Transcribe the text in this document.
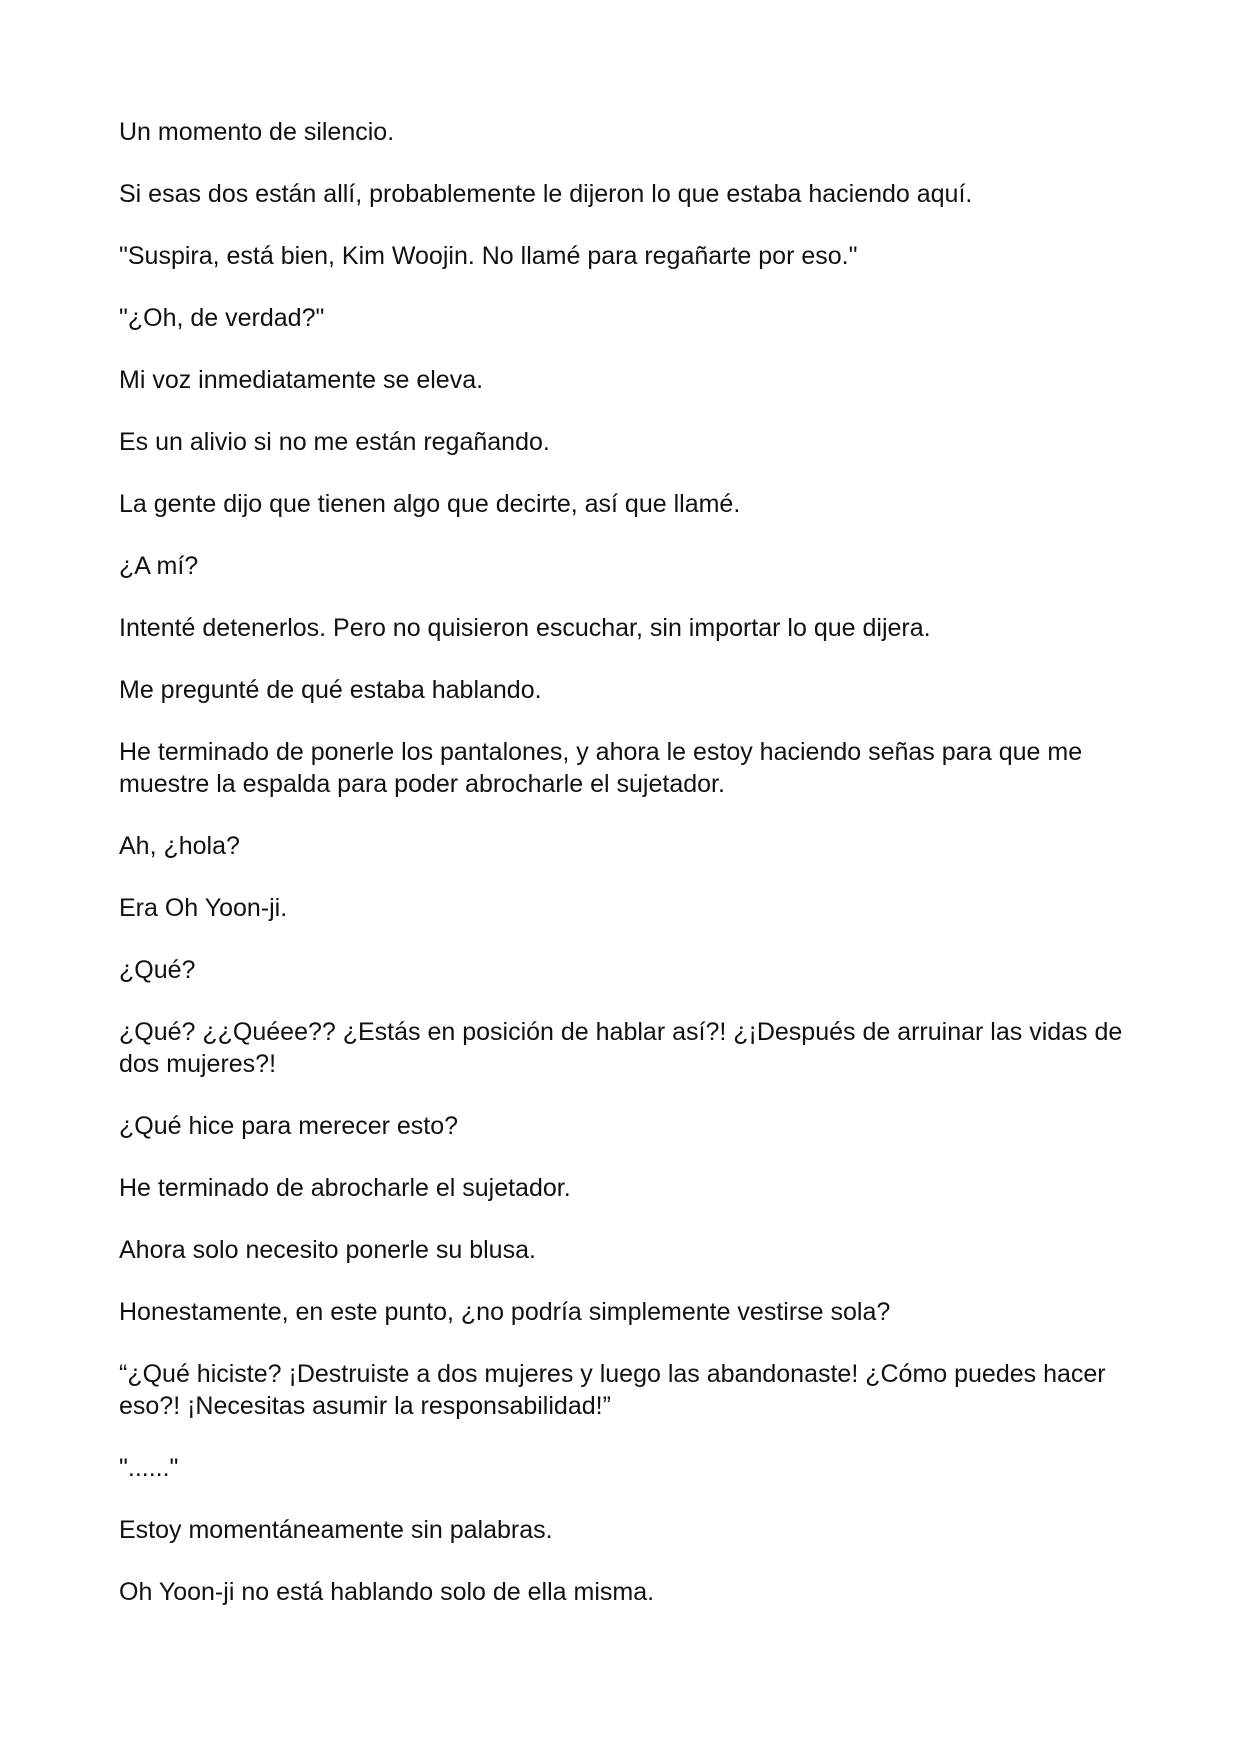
Un momento de silencio.

Si esas dos están allí, probablemente le dijeron lo que estaba haciendo aquí.

"Suspira, está bien, Kim Woojin. No llamé para regañarte por eso."

"¿Oh, de verdad?"

Mi voz inmediatamente se eleva.

Es un alivio si no me están regañando.

La gente dijo que tienen algo que decirte, así que llamé.

¿A mí?

Intenté detenerlos. Pero no quisieron escuchar, sin importar lo que dijera.

Me pregunté de qué estaba hablando.

He terminado de ponerle los pantalones, y ahora le estoy haciendo señas para que me muestre la espalda para poder abrocharle el sujetador.

Ah, ¿hola?

Era Oh Yoon-ji.

¿Qué?

¿Qué? ¿¿Quéee?? ¿Estás en posición de hablar así?! ¿¡Después de arruinar las vidas de dos mujeres?!

¿Qué hice para merecer esto?

He terminado de abrocharle el sujetador.

Ahora solo necesito ponerle su blusa.

Honestamente, en este punto, ¿no podría simplemente vestirse sola?

“¿Qué hiciste? ¡Destruiste a dos mujeres y luego las abandonaste! ¿Cómo puedes hacer eso?! ¡Necesitas asumir la responsabilidad!”

"......"

Estoy momentáneamente sin palabras.

Oh Yoon-ji no está hablando solo de ella misma.
